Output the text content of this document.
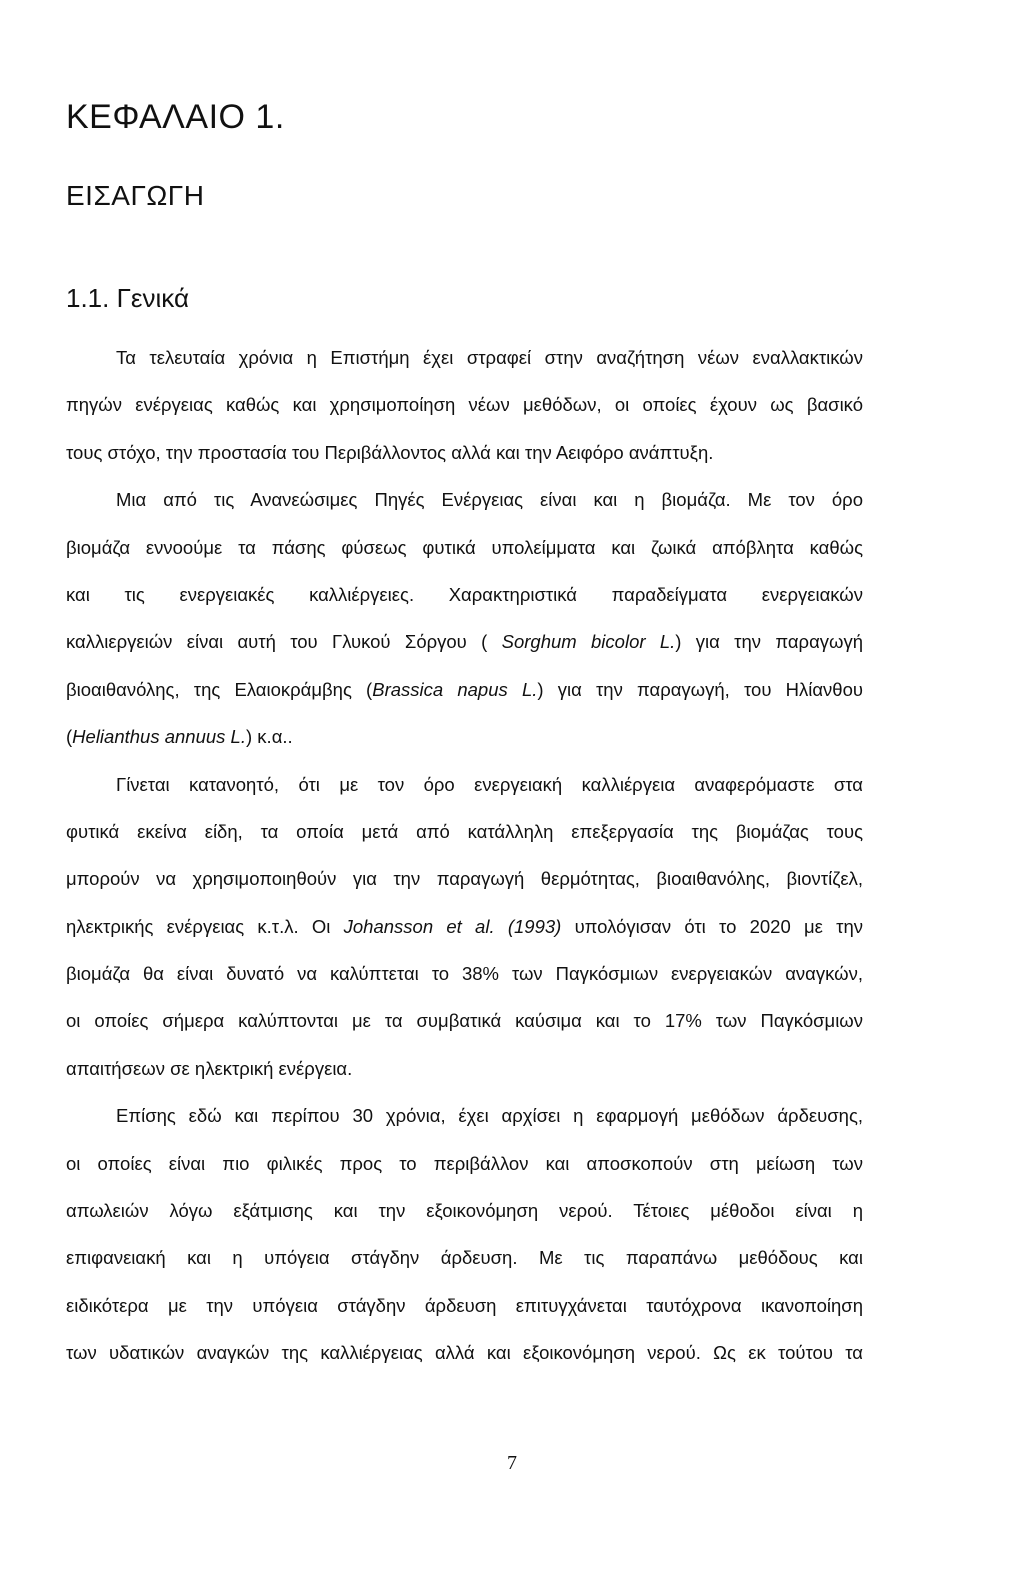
ΚΕΦΑΛΑΙΟ 1.
ΕΙΣΑΓΩΓΗ
1.1. Γενικά
Τα τελευταία χρόνια η Επιστήμη έχει στραφεί στην αναζήτηση νέων εναλλακτικών
πηγών ενέργειας καθώς και χρησιμοποίηση νέων μεθόδων, οι οποίες έχουν ως βασικό
τους στόχο, την προστασία του Περιβάλλοντος αλλά και την Αειφόρο ανάπτυξη.
Μια από τις Ανανεώσιμες Πηγές Ενέργειας είναι και η βιομάζα. Με τον όρο
βιομάζα εννοούμε τα πάσης φύσεως φυτικά υπολείμματα και ζωικά απόβλητα καθώς
και τις ενεργειακές καλλιέργειες. Χαρακτηριστικά παραδείγματα ενεργειακών
καλλιεργειών είναι αυτή του Γλυκού Σόργου ( Sorghum bicolor L.) για την παραγωγή
βιοαιθανόλης, της Ελαιοκράμβης (Brassica napus L.) για την παραγωγή, του Ηλίανθου
(Helianthus annuus L.) κ.α..
Γίνεται κατανοητό, ότι με τον όρο ενεργειακή καλλιέργεια αναφερόμαστε στα
φυτικά εκείνα είδη, τα οποία μετά από κατάλληλη επεξεργασία της βιομάζας τους
μπορούν να χρησιμοποιηθούν για την παραγωγή θερμότητας, βιοαιθανόλης, βιοντίζελ,
ηλεκτρικής ενέργειας κ.τ.λ. Οι Johansson et al. (1993) υπολόγισαν ότι το 2020 με την
βιομάζα θα είναι δυνατό να καλύπτεται το 38% των Παγκόσμιων ενεργειακών αναγκών,
οι οποίες σήμερα καλύπτονται με τα συμβατικά καύσιμα και το 17% των Παγκόσμιων
απαιτήσεων σε ηλεκτρική ενέργεια.
Επίσης εδώ και περίπου 30 χρόνια, έχει αρχίσει η εφαρμογή μεθόδων άρδευσης,
οι οποίες είναι πιο φιλικές προς το περιβάλλον και αποσκοπούν στη μείωση των
απωλειών λόγω εξάτμισης και την εξοικονόμηση νερού. Τέτοιες μέθοδοι είναι η
επιφανειακή και η υπόγεια στάγδην άρδευση. Με τις παραπάνω μεθόδους και
ειδικότερα με την υπόγεια στάγδην άρδευση επιτυγχάνεται ταυτόχρονα ικανοποίηση
των υδατικών αναγκών της καλλιέργειας αλλά και εξοικονόμηση νερού. Ως εκ τούτου τα
7
